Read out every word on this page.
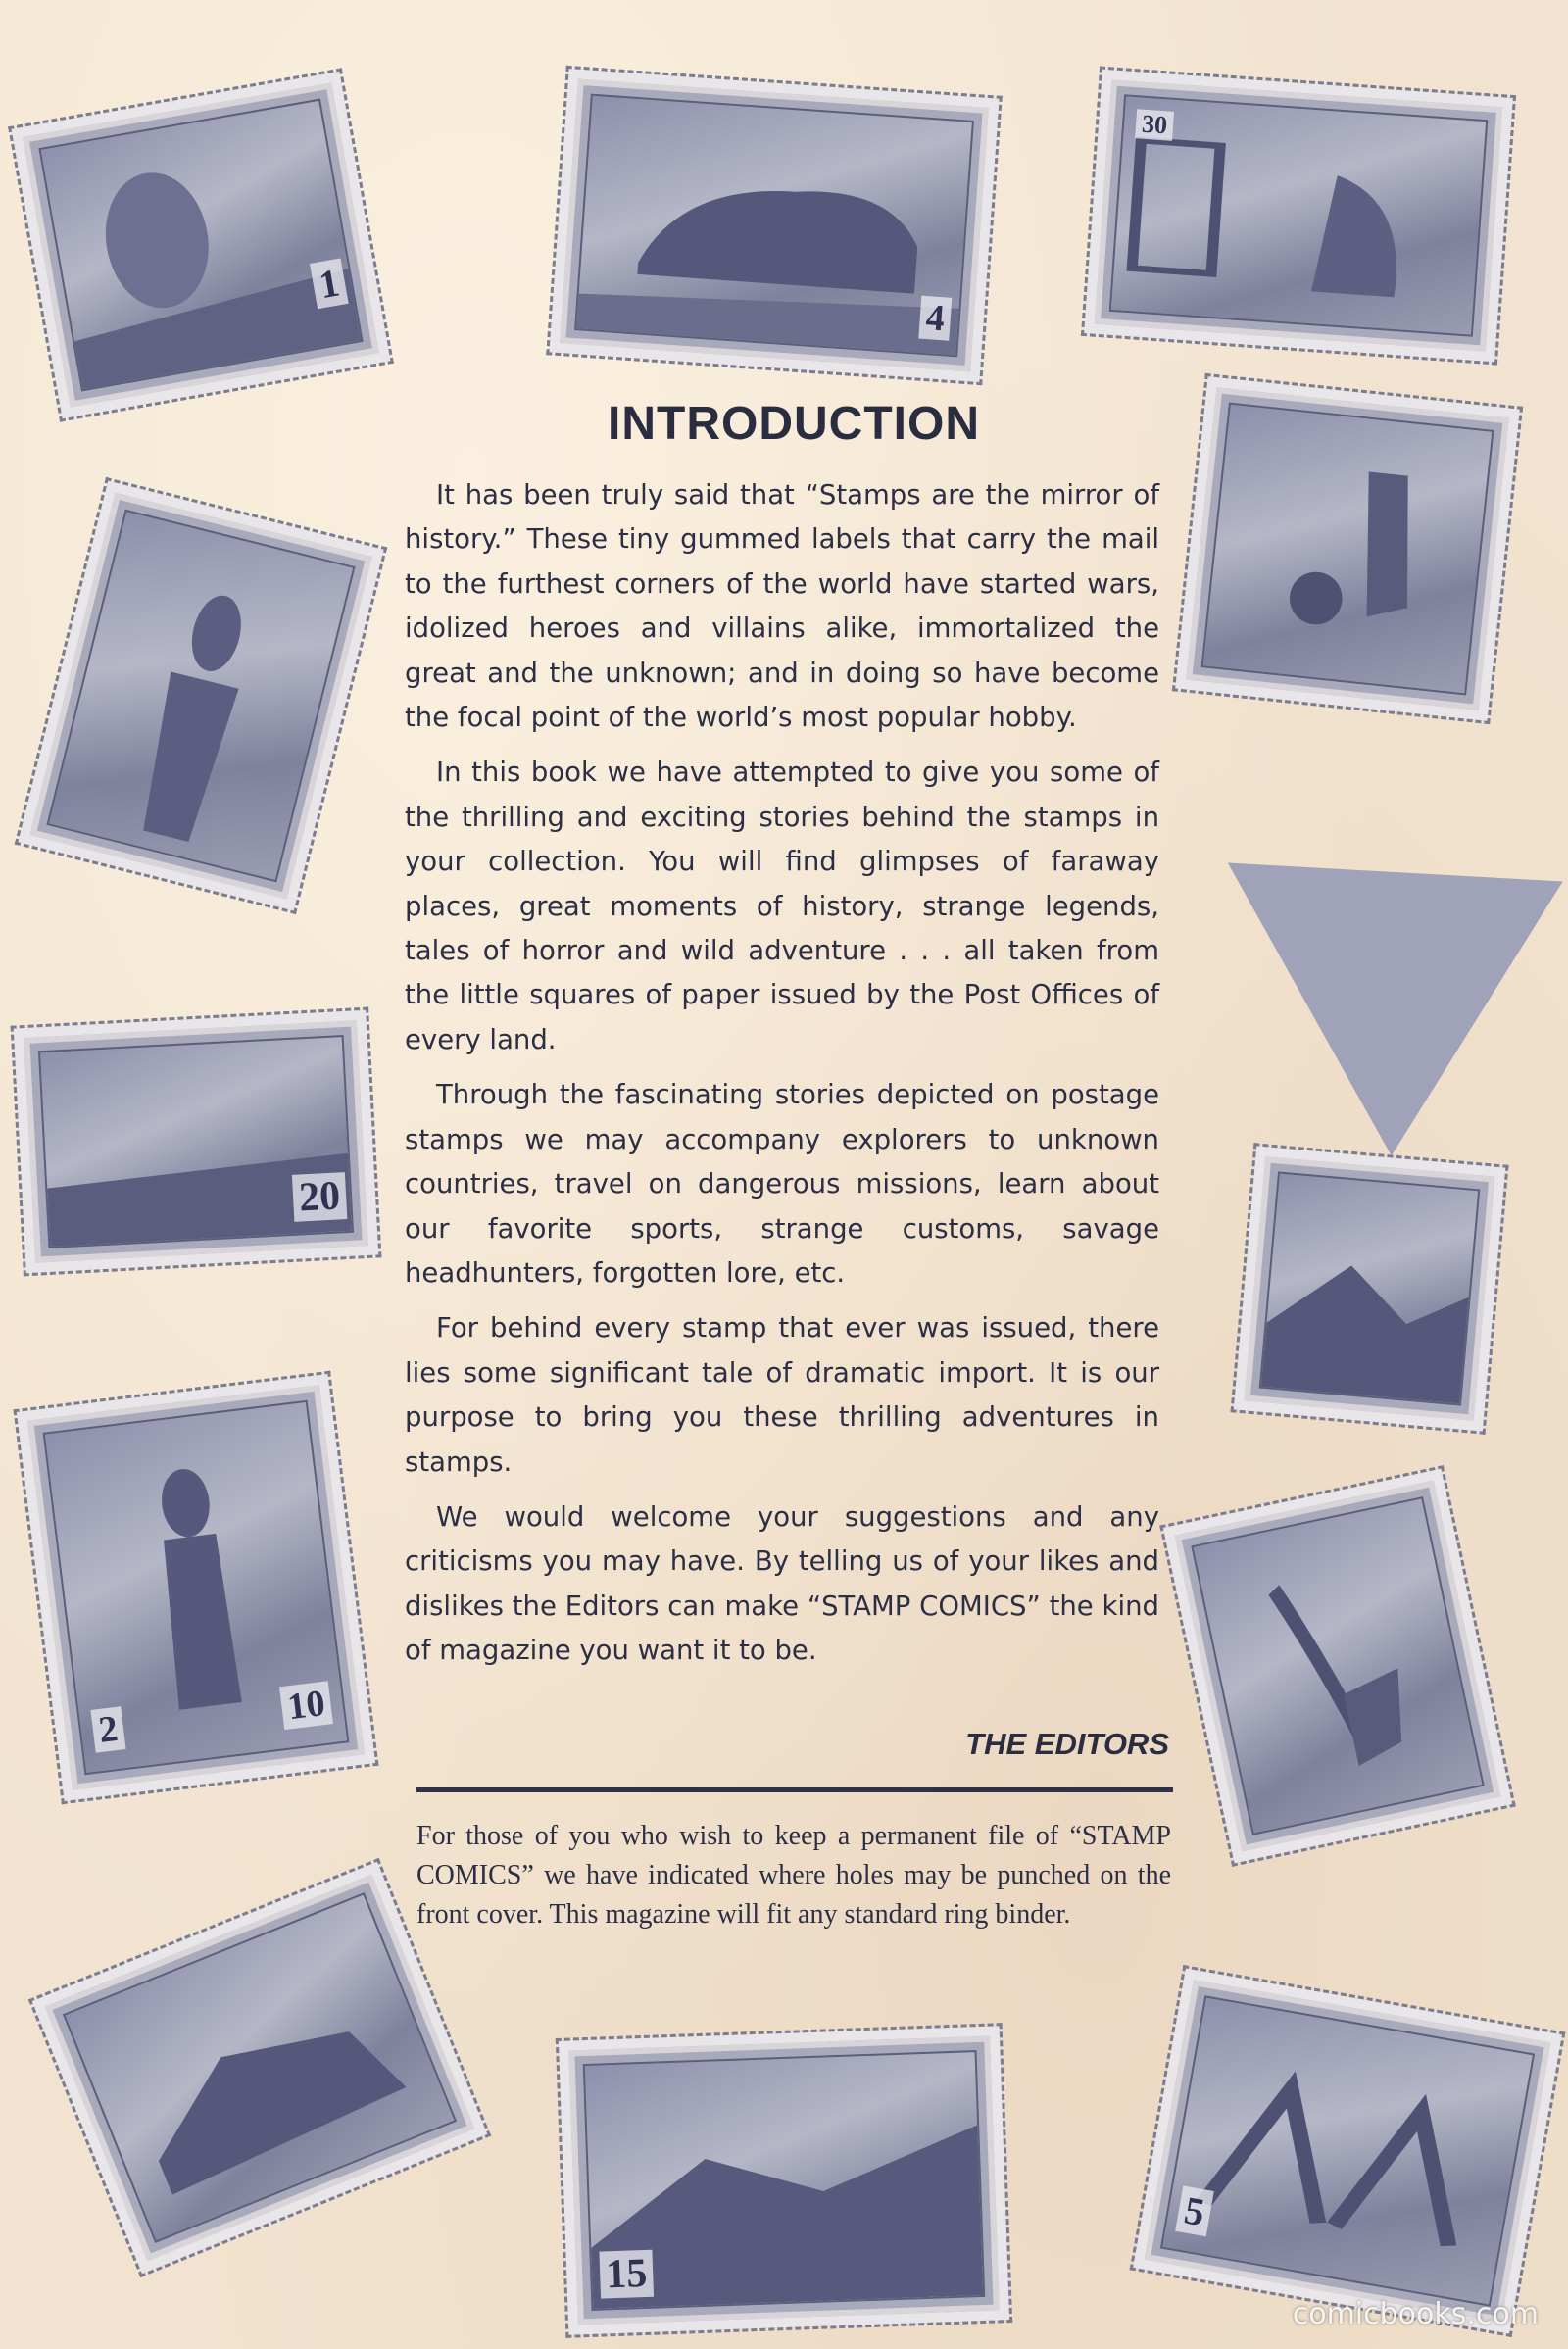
1
4
30
20
2
10
15
5
INTRODUCTION

It has been truly said that “Stamps are the mirror of history.” These tiny gummed labels that carry the mail to the furthest corners of the world have started wars, idolized heroes and villains alike, immortalized the great and the unknown; and in doing so have become the focal point of the world’s most popular hobby.

In this book we have attempted to give you some of the thrilling and exciting stories behind the stamps in your collection. You will find glimpses of faraway places, great moments of history, strange legends, tales of horror and wild adventure . . . all taken from the little squares of paper issued by the Post Offices of every land.

Through the fascinating stories depicted on postage stamps we may accompany explorers to unknown countries, travel on dangerous missions, learn about our favorite sports, strange customs, savage headhunters, forgotten lore, etc.

For behind every stamp that ever was issued, there lies some significant tale of dramatic import. It is our purpose to bring you these thrilling adventures in stamps.

We would welcome your suggestions and any criticisms you may have. By telling us of your likes and dislikes the Editors can make “STAMP COMICS” the kind of magazine you want it to be.

THE EDITORS
For those of you who wish to keep a permanent file of “STAMP COMICS” we have indicated where holes may be punched on the front cover. This magazine will fit any standard ring binder.
comicbooks.com
